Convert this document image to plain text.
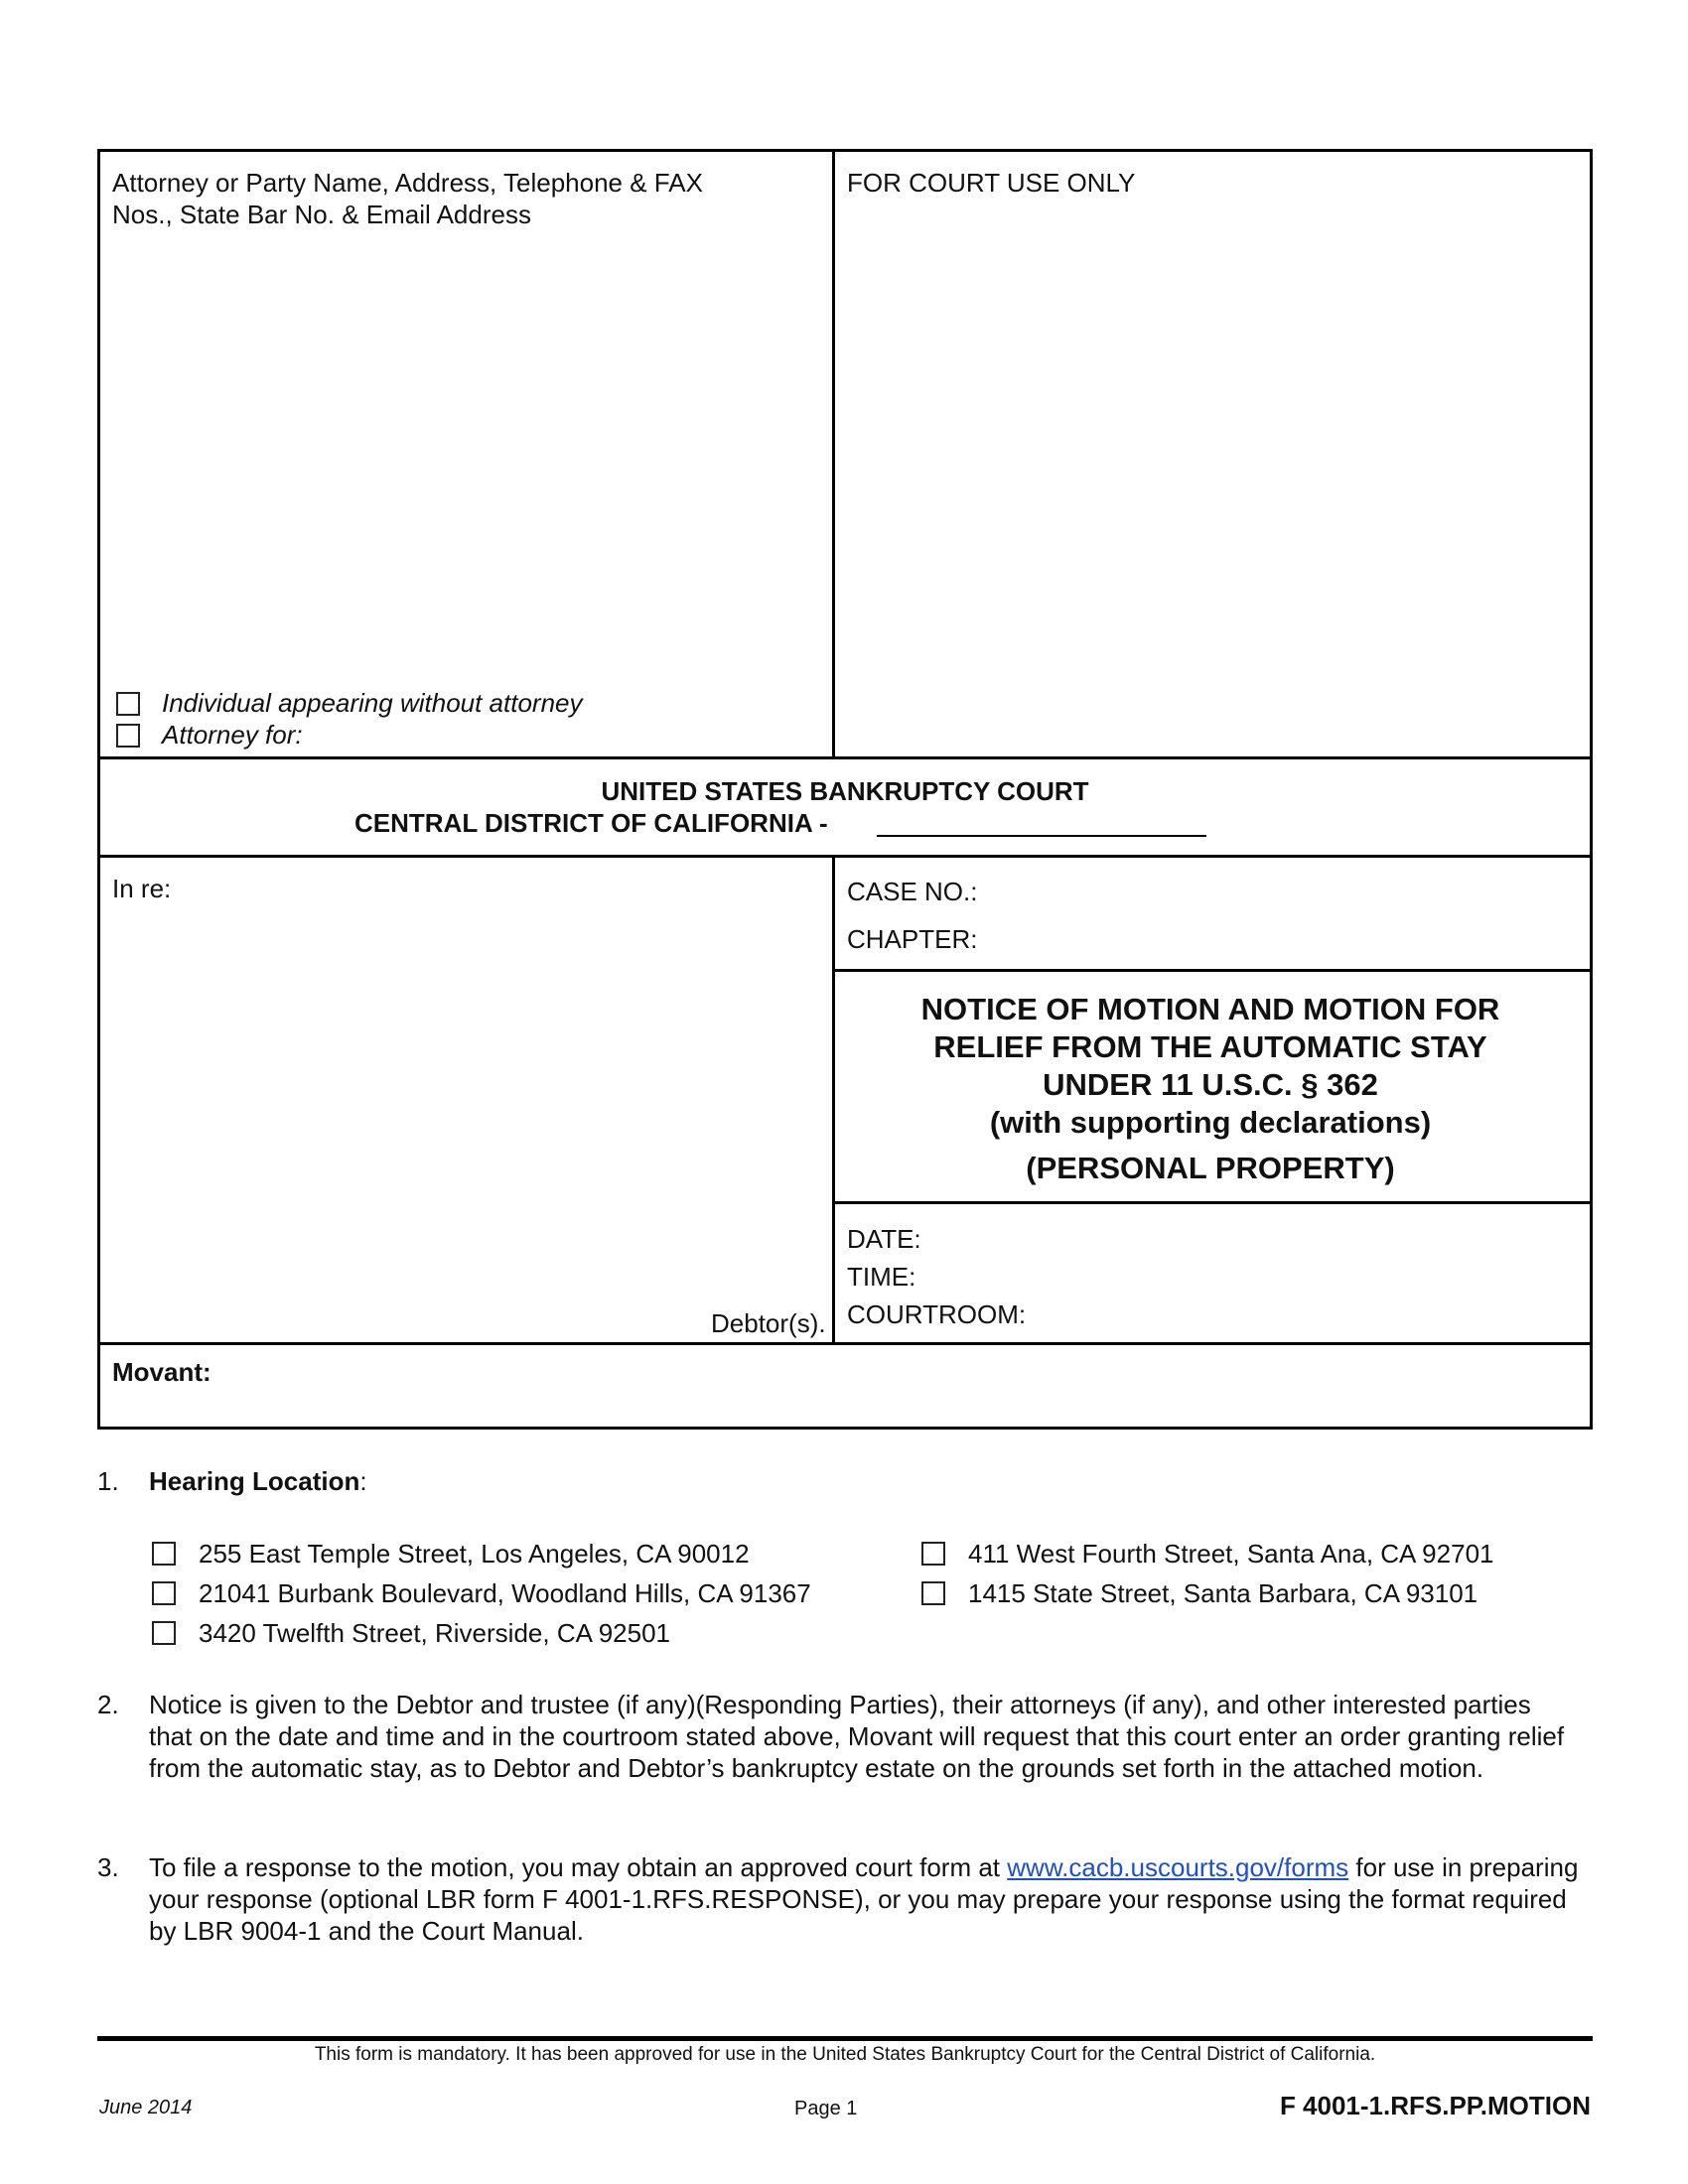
Attorney or Party Name, Address, Telephone & FAX
Nos., State Bar No. & Email Address
FOR COURT USE ONLY
Individual appearing without attorney
Attorney for:
UNITED STATES BANKRUPTCY COURT
CENTRAL DISTRICT OF CALIFORNIA -
In re:
Debtor(s).
CASE NO.:
CHAPTER:
NOTICE OF MOTION AND MOTION FOR
RELIEF FROM THE AUTOMATIC STAY
UNDER 11 U.S.C. § 362
(with supporting declarations)
(PERSONAL PROPERTY)
DATE:
TIME:
COURTROOM:
Movant:
1. Hearing Location:
255 East Temple Street, Los Angeles, CA 90012
21041 Burbank Boulevard, Woodland Hills, CA 91367
3420 Twelfth Street, Riverside, CA 92501
411 West Fourth Street, Santa Ana, CA 92701
1415 State Street, Santa Barbara, CA 93101
2. Notice is given to the Debtor and trustee (if any)(Responding Parties), their attorneys (if any), and other interested parties that on the date and time and in the courtroom stated above, Movant will request that this court enter an order granting relief from the automatic stay, as to Debtor and Debtor’s bankruptcy estate on the grounds set forth in the attached motion.
3. To file a response to the motion, you may obtain an approved court form at www.cacb.uscourts.gov/forms for use in preparing your response (optional LBR form F 4001-1.RFS.RESPONSE), or you may prepare your response using the format required by LBR 9004-1 and the Court Manual.
This form is mandatory. It has been approved for use in the United States Bankruptcy Court for the Central District of California.
June 2014	Page 1	F 4001-1.RFS.PP.MOTION
